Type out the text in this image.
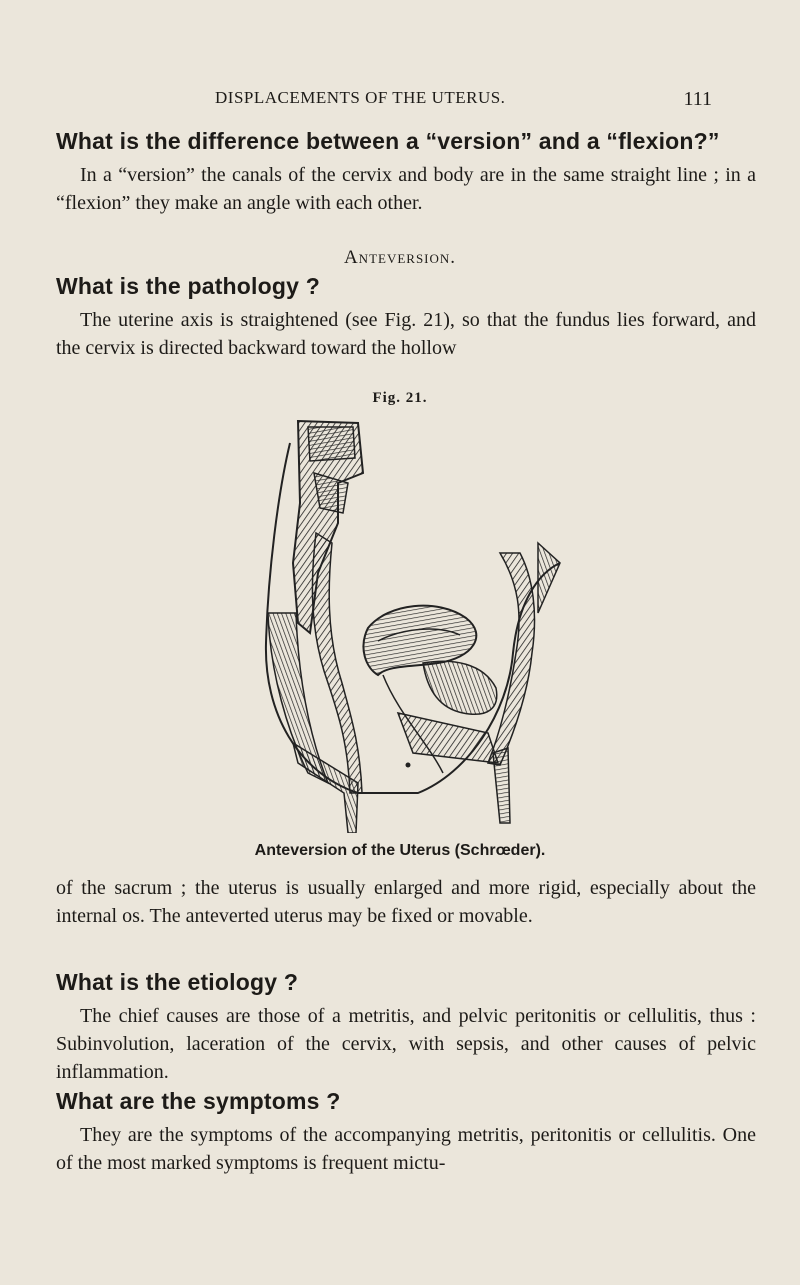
DISPLACEMENTS OF THE UTERUS.	111
What is the difference between a “version” and a “flexion?”
In a “version” the canals of the cervix and body are in the same straight line ; in a “flexion” they make an angle with each other.
Anteversion.
What is the pathology ?
The uterine axis is straightened (see Fig. 21), so that the fundus lies forward, and the cervix is directed backward toward the hollow
Fig. 21.
Anteversion of the Uterus (Schrœder).
of the sacrum ; the uterus is usually enlarged and more rigid, especially about the internal os. The anteverted uterus may be fixed or movable.
What is the etiology ?
The chief causes are those of a metritis, and pelvic peritonitis or cellulitis, thus : Subinvolution, laceration of the cervix, with sepsis, and other causes of pelvic inflammation.
What are the symptoms ?
They are the symptoms of the accompanying metritis, peritonitis or cellulitis. One of the most marked symptoms is frequent mictu-
